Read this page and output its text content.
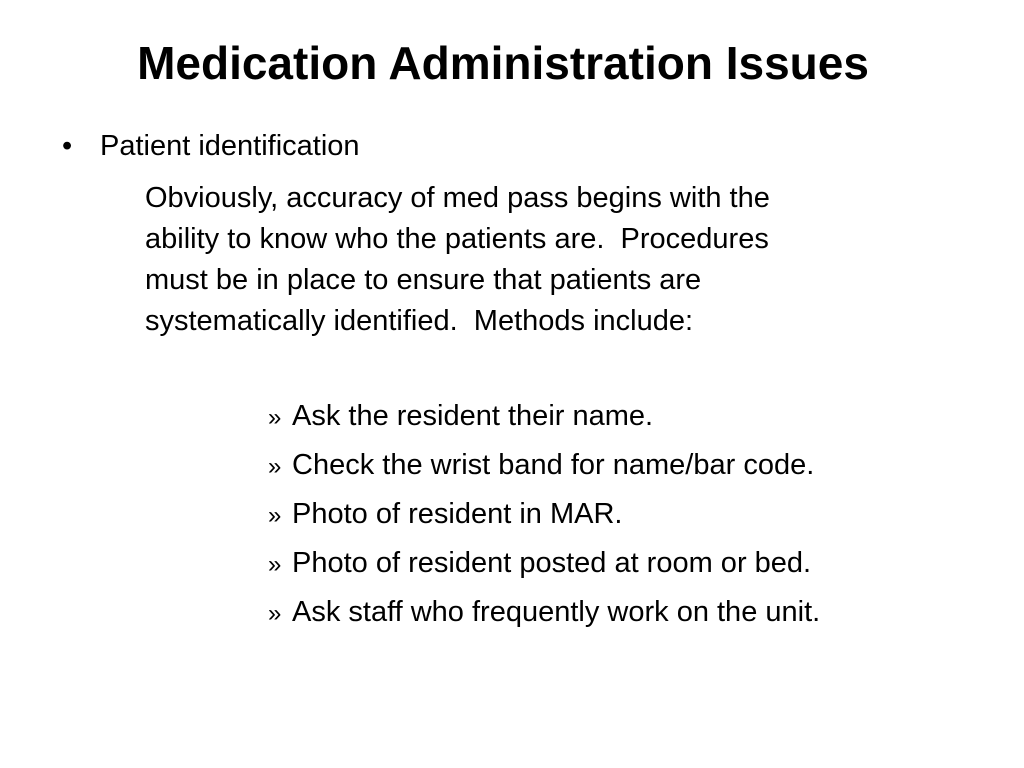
Medication Administration Issues
• Patient identification
Obviously, accuracy of med pass begins with the
ability to know who the patients are.  Procedures
must be in place to ensure that patients are
systematically identified.  Methods include:
» Ask the resident their name.
» Check the wrist band for name/bar code.
» Photo of resident in MAR.
» Photo of resident posted at room or bed.
» Ask staff who frequently work on the unit.
